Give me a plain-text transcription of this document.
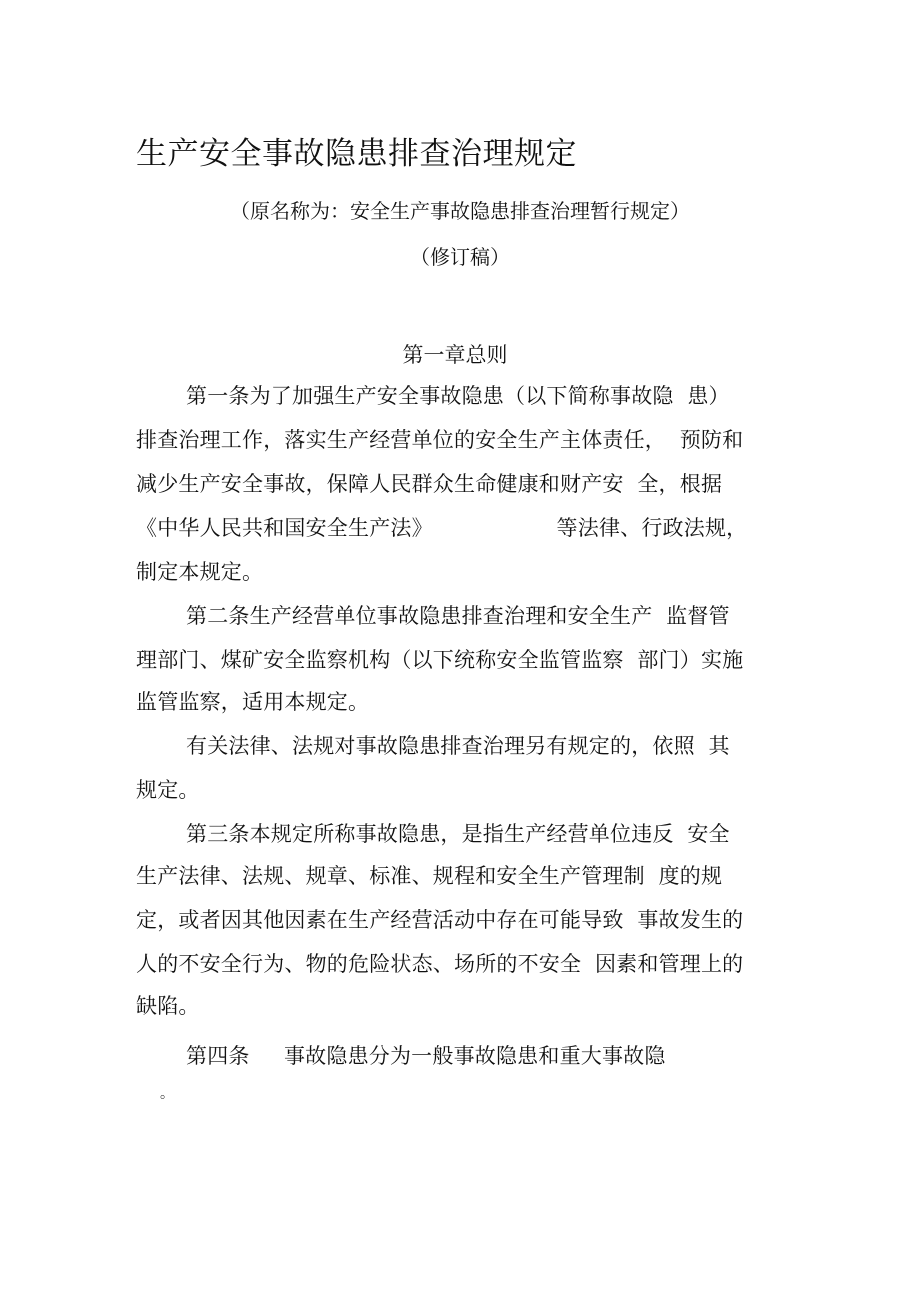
生产安全事故隐患排查治理规定
（原名称为：安全生产事故隐患排查治理暂行规定）
（修订稿）
第一章总则
第一条为了加强生产安全事故隐患（以下简称事故隐  患）
排查治理工作，落实生产经营单位的安全生产主体责任，  预防和
减少生产安全事故，保障人民群众生命健康和财产安  全，根据
《中华人民共和国安全生产法》                  等法律、行政法规，
制定本规定。
第二条生产经营单位事故隐患排查治理和安全生产  监督管
理部门、煤矿安全监察机构（以下统称安全监管监察  部门）实施
监管监察，适用本规定。
有关法律、法规对事故隐患排查治理另有规定的，依照  其
规定。
第三条本规定所称事故隐患，是指生产经营单位违反  安全
生产法律、法规、规章、标准、规程和安全生产管理制  度的规
定，或者因其他因素在生产经营活动中存在可能导致  事故发生的
人的不安全行为、物的危险状态、场所的不安全  因素和管理上的
缺陷。
第四条     事故隐患分为一般事故隐患和重大事故隐
。
